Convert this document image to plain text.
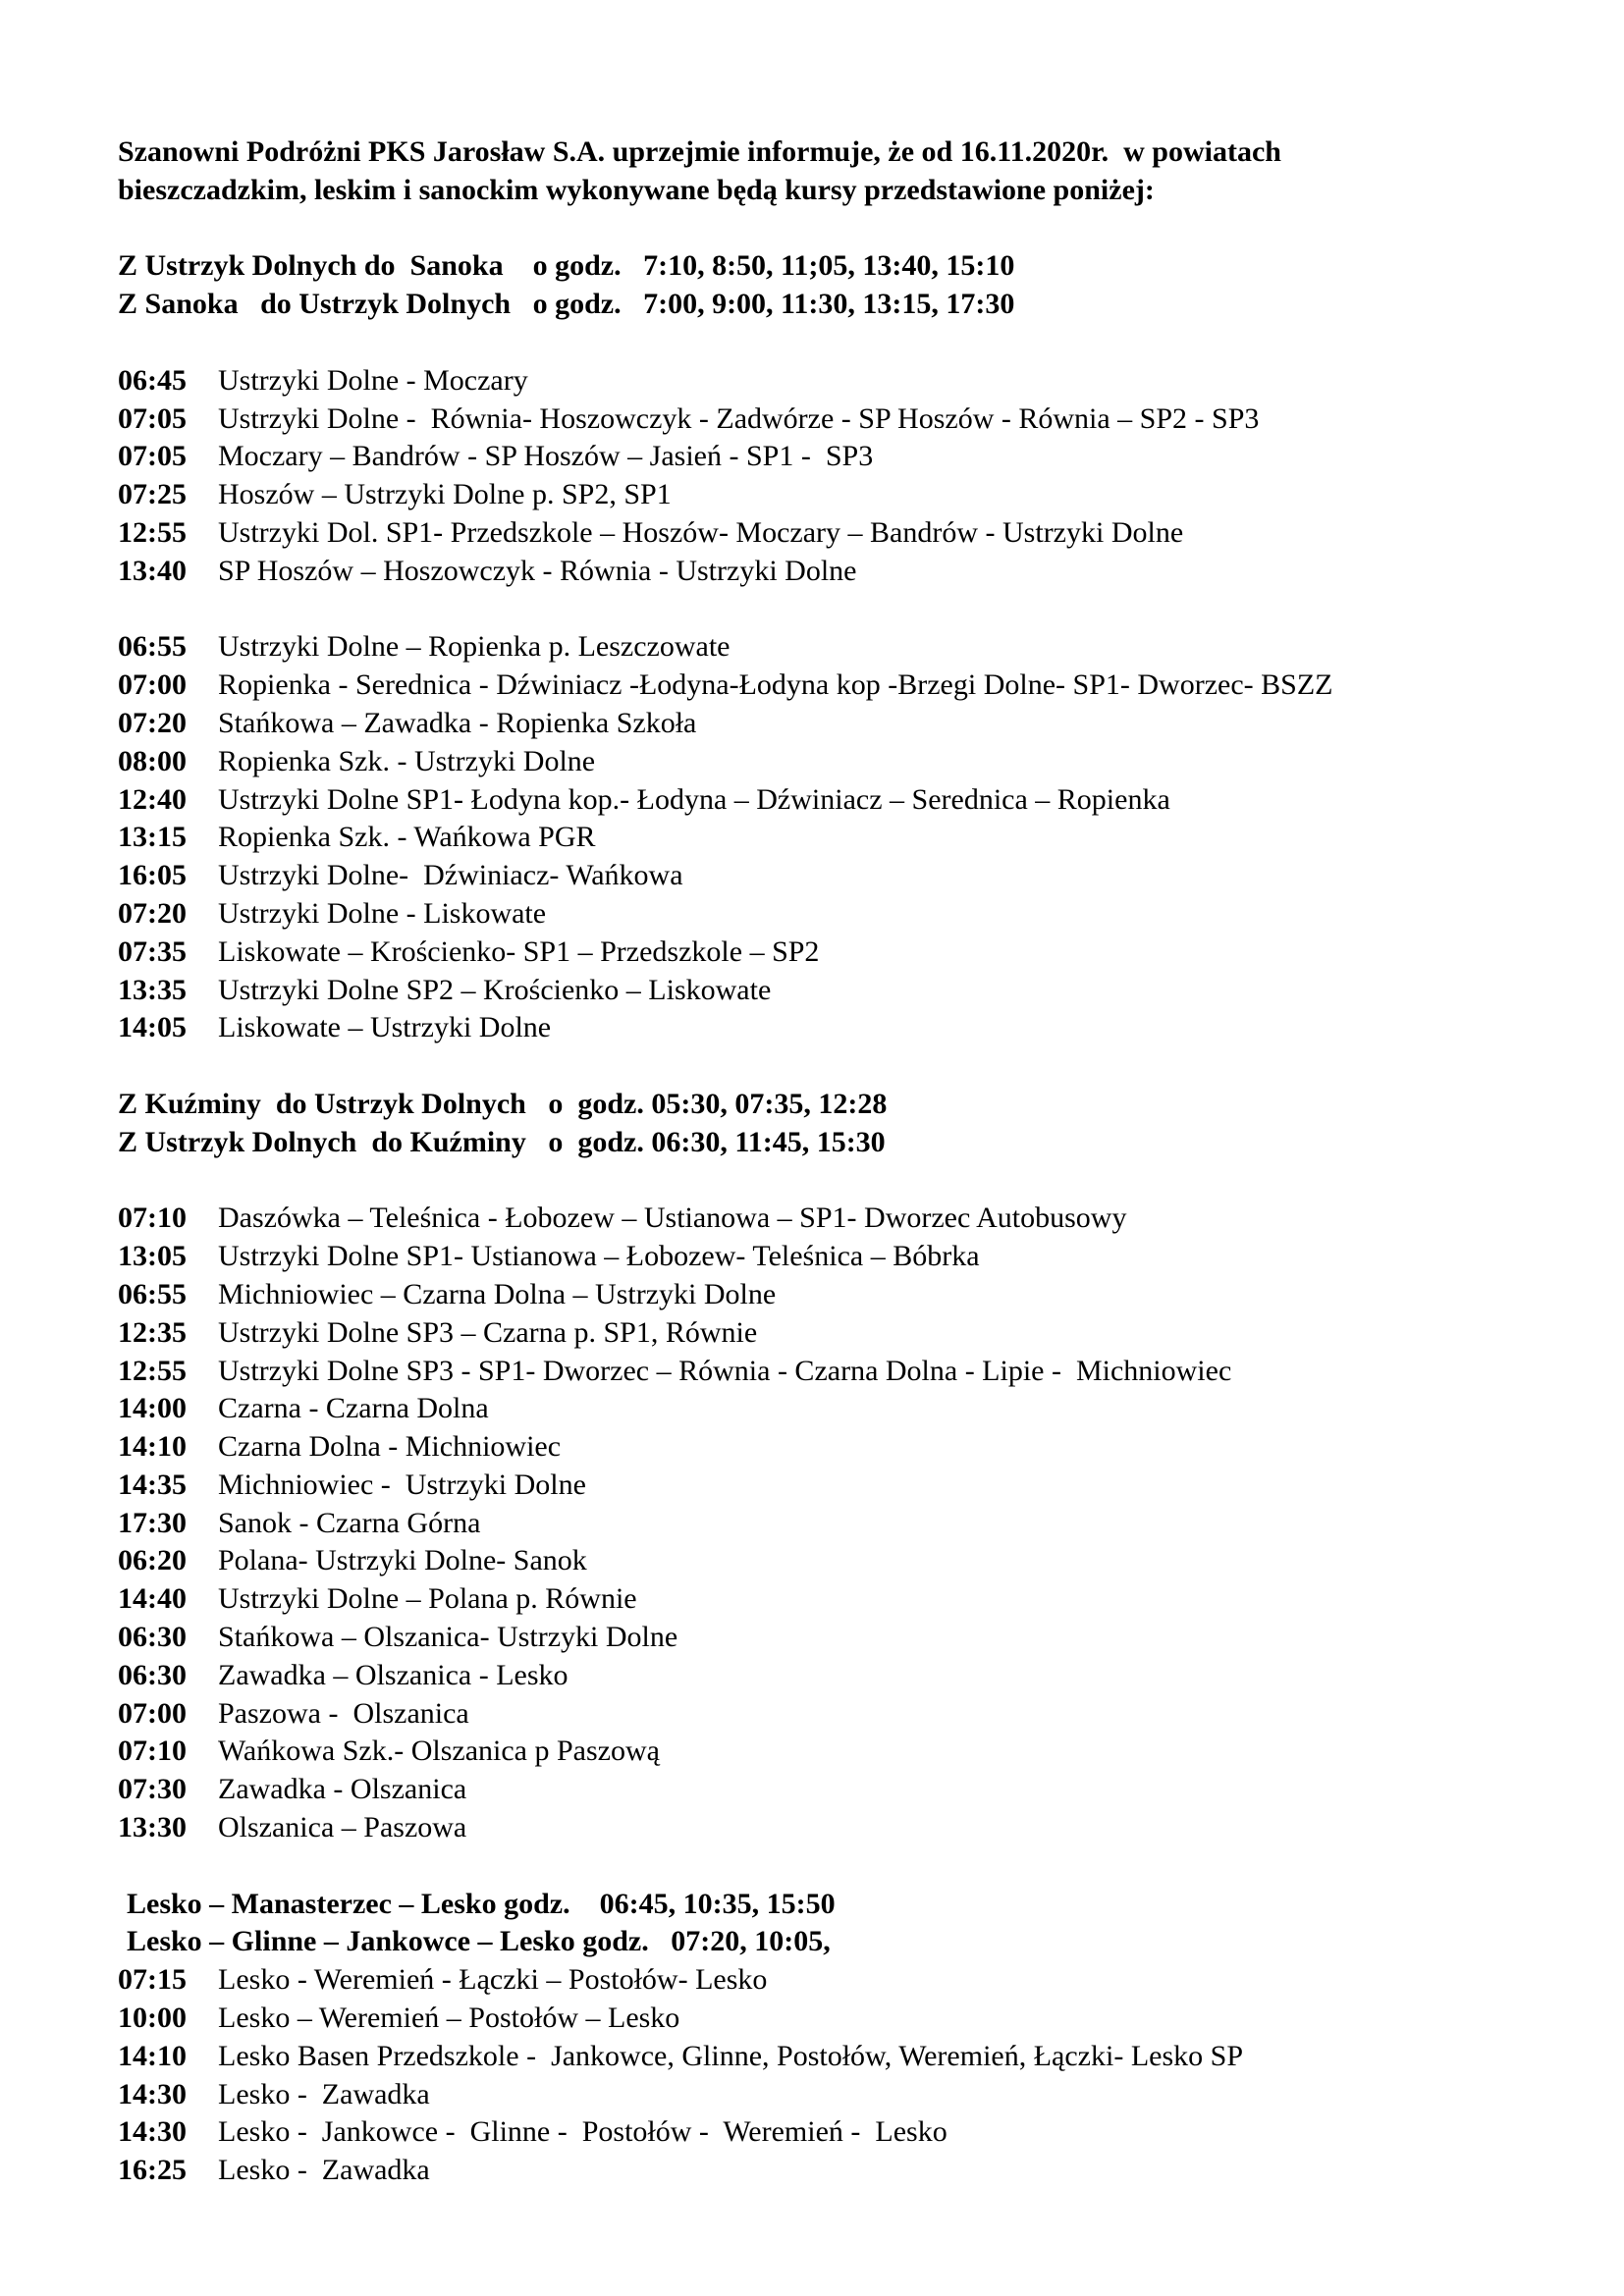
Szanowni Podróżni PKS Jarosław S.A. uprzejmie informuje, że od 16.11.2020r.  w powiatach
bieszczadzkim, leskim i sanockim wykonywane będą kursy przedstawione poniżej:
Z Ustrzyk Dolnych do  Sanoka    o godz.   7:10, 8:50, 11;05, 13:40, 15:10
Z Sanoka   do Ustrzyk Dolnych   o godz.   7:00, 9:00, 11:30, 13:15, 17:30
06:45 Ustrzyki Dolne - Moczary
07:05 Ustrzyki Dolne -  Równia- Hoszowczyk - Zadwórze - SP Hoszów - Równia – SP2 - SP3
07:05 Moczary – Bandrów - SP Hoszów – Jasień - SP1 -  SP3
07:25 Hoszów – Ustrzyki Dolne p. SP2, SP1
12:55 Ustrzyki Dol. SP1- Przedszkole – Hoszów- Moczary – Bandrów - Ustrzyki Dolne
13:40 SP Hoszów – Hoszowczyk - Równia - Ustrzyki Dolne
06:55 Ustrzyki Dolne – Ropienka p. Leszczowate
07:00 Ropienka - Serednica - Dźwiniacz -Łodyna-Łodyna kop -Brzegi Dolne- SP1- Dworzec- BSZZ
07:20 Stańkowa – Zawadka - Ropienka Szkoła
08:00 Ropienka Szk. - Ustrzyki Dolne
12:40 Ustrzyki Dolne SP1- Łodyna kop.- Łodyna – Dźwiniacz – Serednica – Ropienka
13:15 Ropienka Szk. - Wańkowa PGR
16:05 Ustrzyki Dolne-  Dźwiniacz- Wańkowa
07:20 Ustrzyki Dolne - Liskowate
07:35 Liskowate – Krościenko- SP1 – Przedszkole – SP2
13:35 Ustrzyki Dolne SP2 – Krościenko – Liskowate
14:05 Liskowate – Ustrzyki Dolne
Z Kuźminy  do Ustrzyk Dolnych   o  godz. 05:30, 07:35, 12:28
Z Ustrzyk Dolnych  do Kuźminy   o  godz. 06:30, 11:45, 15:30
07:10 Daszówka – Teleśnica - Łobozew – Ustianowa – SP1- Dworzec Autobusowy
13:05 Ustrzyki Dolne SP1- Ustianowa – Łobozew- Teleśnica – Bóbrka
06:55 Michniowiec – Czarna Dolna – Ustrzyki Dolne
12:35 Ustrzyki Dolne SP3 – Czarna p. SP1, Równie
12:55 Ustrzyki Dolne SP3 - SP1- Dworzec – Równia - Czarna Dolna - Lipie -  Michniowiec
14:00 Czarna - Czarna Dolna
14:10 Czarna Dolna - Michniowiec
14:35 Michniowiec -  Ustrzyki Dolne
17:30 Sanok - Czarna Górna
06:20 Polana- Ustrzyki Dolne- Sanok
14:40 Ustrzyki Dolne – Polana p. Równie
06:30 Stańkowa – Olszanica- Ustrzyki Dolne
06:30 Zawadka – Olszanica - Lesko
07:00 Paszowa -  Olszanica
07:10 Wańkowa Szk.- Olszanica p Paszową
07:30 Zawadka - Olszanica
13:30 Olszanica – Paszowa
Lesko – Manasterzec – Lesko godz.    06:45, 10:35, 15:50
Lesko – Glinne – Jankowce – Lesko godz.   07:20, 10:05,
07:15 Lesko - Weremień - Łączki – Postołów- Lesko
10:00 Lesko – Weremień – Postołów – Lesko
14:10 Lesko Basen Przedszkole -  Jankowce, Glinne, Postołów, Weremień, Łączki- Lesko SP
14:30 Lesko -  Zawadka
14:30 Lesko -  Jankowce -  Glinne -  Postołów -  Weremień -  Lesko
16:25 Lesko -  Zawadka
